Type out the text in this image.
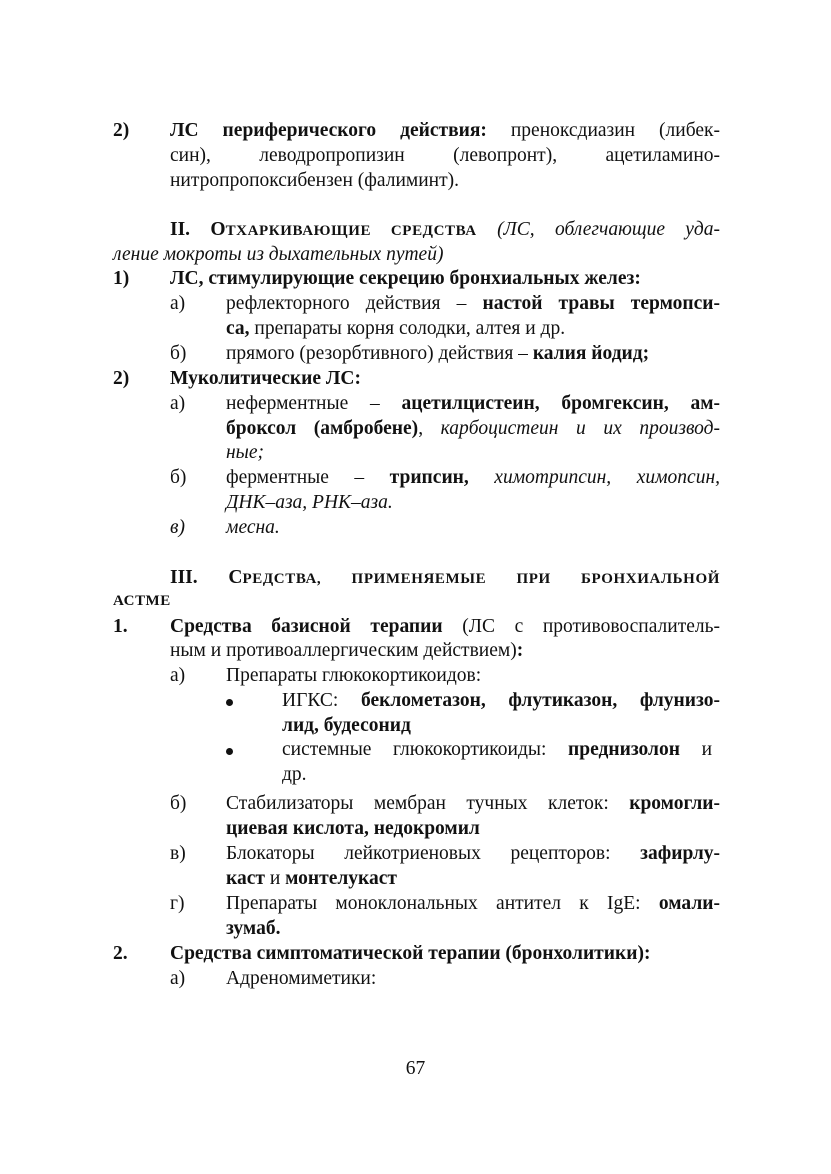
2) ЛС периферического действия: преноксдиазин (либек-
син), леводропропизин (левопронт), ацетиламино-
нитропропоксибензен (фалиминт).
II. ОТХАРКИВАЮЩИЕ СРЕДСТВА (ЛС, облегчающие уда-
ление мокроты из дыхательных путей)
1) ЛС, стимулирующие секрецию бронхиальных желез:
а) рефлекторного действия – настой травы термопси-
са, препараты корня солодки, алтея и др.
б) прямого (резорбтивного) действия – калия йодид;
2) Муколитические ЛС:
а) неферментные – ацетилцистеин, бромгексин, ам-
броксол (амбробене), карбоцистеин и их производ-
ные;
б) ферментные – трипсин, химотрипсин, химопсин,
ДНК–аза, РНК–аза.
в) месна.
III. СРЕДСТВА, ПРИМЕНЯЕМЫЕ ПРИ БРОНХИАЛЬНОЙ
АСТМЕ
1. Средства базисной терапии (ЛС с противовоспалитель-
ным и противоаллергическим действием):
а) Препараты глюкокортикоидов:
ИГКС: беклометазон, флутиказон, флунизо-
лид, будесонид
системные глюкокортикоиды: преднизолон и
др.
б) Стабилизаторы мембран тучных клеток: кромогли-
циевая кислота, недокромил
в) Блокаторы лейкотриеновых рецепторов: зафирлу-
каст и монтелукаст
г) Препараты моноклональных антител к IgE: омали-
зумаб.
2. Средства симптоматической терапии (бронхолитики):
а) Адреномиметики:
67
